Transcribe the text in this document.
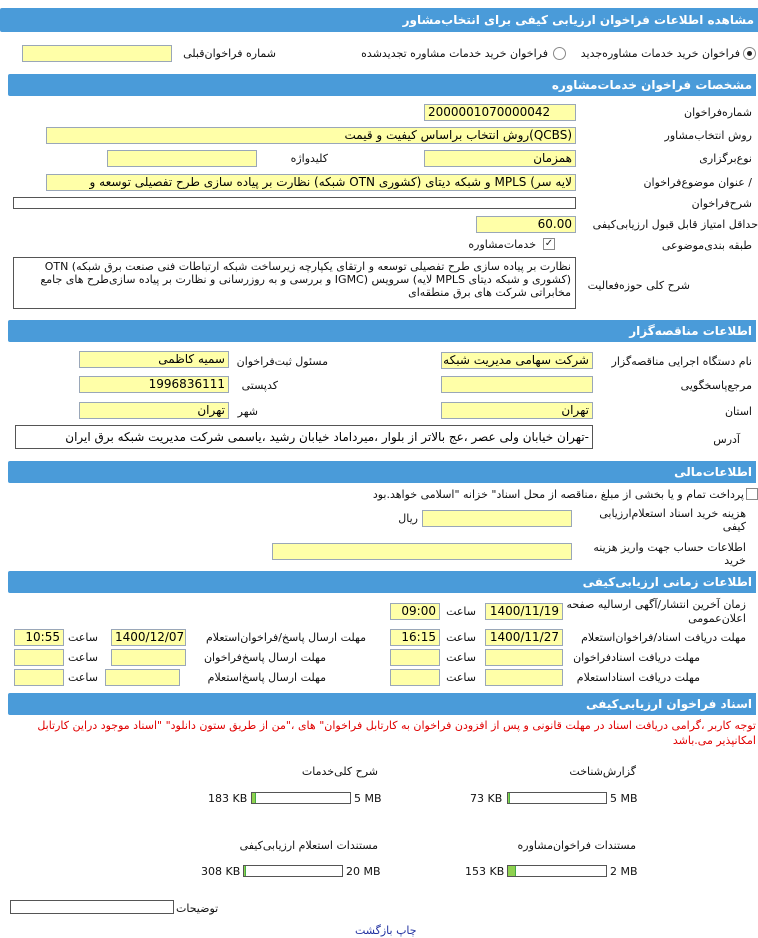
مشاهده اطلاعات فراخوان ارزیابی کیفی برای انتخاب‌مشاور
فراخوان خرید خدمات مشاوره‌جدید
فراخوان خرید خدمات مشاوره تجدیدشده
شماره فراخوان‌قبلی
مشخصات فراخوان خدمات‌مشاوره
شماره‌فراخوان
2000001070000042
روش انتخاب‌مشاور
(QCBS)روش انتخاب براساس کیفیت و قیمت
نوع‌برگزاری
همزمان
کلیدواژه
/ عنوان موضوع‌فراخوان
لایه سر) MPLS و شبکه دیتای (کشوری OTN شبکه) نظارت بر پیاده سازی طرح تفصیلی توسعه و
شرح‌فراخوان
حداقل امتیاز قابل قبول ارزیابی‌کیفی
60.00
طبقه بندی‌موضوعی
✓
خدمات‌مشاوره
شرح کلی حوزه‌فعالیت
نظارت بر پیاده سازی طرح تفصیلی توسعه و ارتقای یکپارچه زیرساخت شبکه ارتباطات فنی صنعت برق شبکه) OTN (کشوری و شبکه دیتای MPLS لایه) سرویس (IGMC و بررسی و به روزرسانی و نظارت بر پیاده سازی‌طرح های جامع مخابراتی شرکت های برق منطقه‌ای
اطلاعات مناقصه‌گزار
نام دستگاه اجرایی مناقصه‌گزار
شرکت سهامی مدیریت شبکه
مسئول ثبت‌فراخوان
سمیه کاظمی
مرجع‌پاسخگویی
کدپستی
1996836111
استان
تهران
شهر
تهران
آدرس
-تهران خیابان ولی عصر ،عج بالاتر از بلوار ،میرداماد خیابان رشید ،یاسمی شرکت مدیریت شبکه برق ایران
اطلاعات‌مالی
پرداخت تمام و یا بخشی از مبلغ ،مناقصه از محل اسناد" خزانه "اسلامی خواهد.بود
هزینه خرید اسناد استعلام‌ارزیابی کیفی
ریال
اطلاعات حساب جهت واریز هزینه خرید
اطلاعات زمانی ارزیابی‌کیفی
زمان آخرین انتشار/آگهی ارسالیه صفحه اعلان‌عمومی
1400/11/19
ساعت
09:00
مهلت دریافت اسناد/فراخوان‌استعلام
1400/11/27
ساعت
16:15
مهلت ارسال پاسخ/فراخوان‌استعلام
1400/12/07
ساعت
10:55
مهلت دریافت اسنادفراخوان
ساعت
مهلت ارسال پاسخ‌فراخوان
ساعت
مهلت دریافت اسناداستعلام
ساعت
مهلت ارسال پاسخ‌استعلام
ساعت
اسناد فراخوان ارزیابی‌کیفی
توجه کاربر ،گرامی دریافت اسناد در مهلت قانونی و پس از افزودن فراخوان به کارتابل فراخوان" های ،"من از طریق ستون دانلود" "اسناد موجود دراین کارتابل امکانپذیر می.باشد
گزارش‌شناخت
5 MB
73 KB
شرح کلی‌خدمات
5 MB
183 KB
مستندات فراخوان‌مشاوره
2 MB
153 KB
مستندات استعلام ارزیابی‌کیفی
20 MB
308 KB
توضیحات
چاپ بازگشت
